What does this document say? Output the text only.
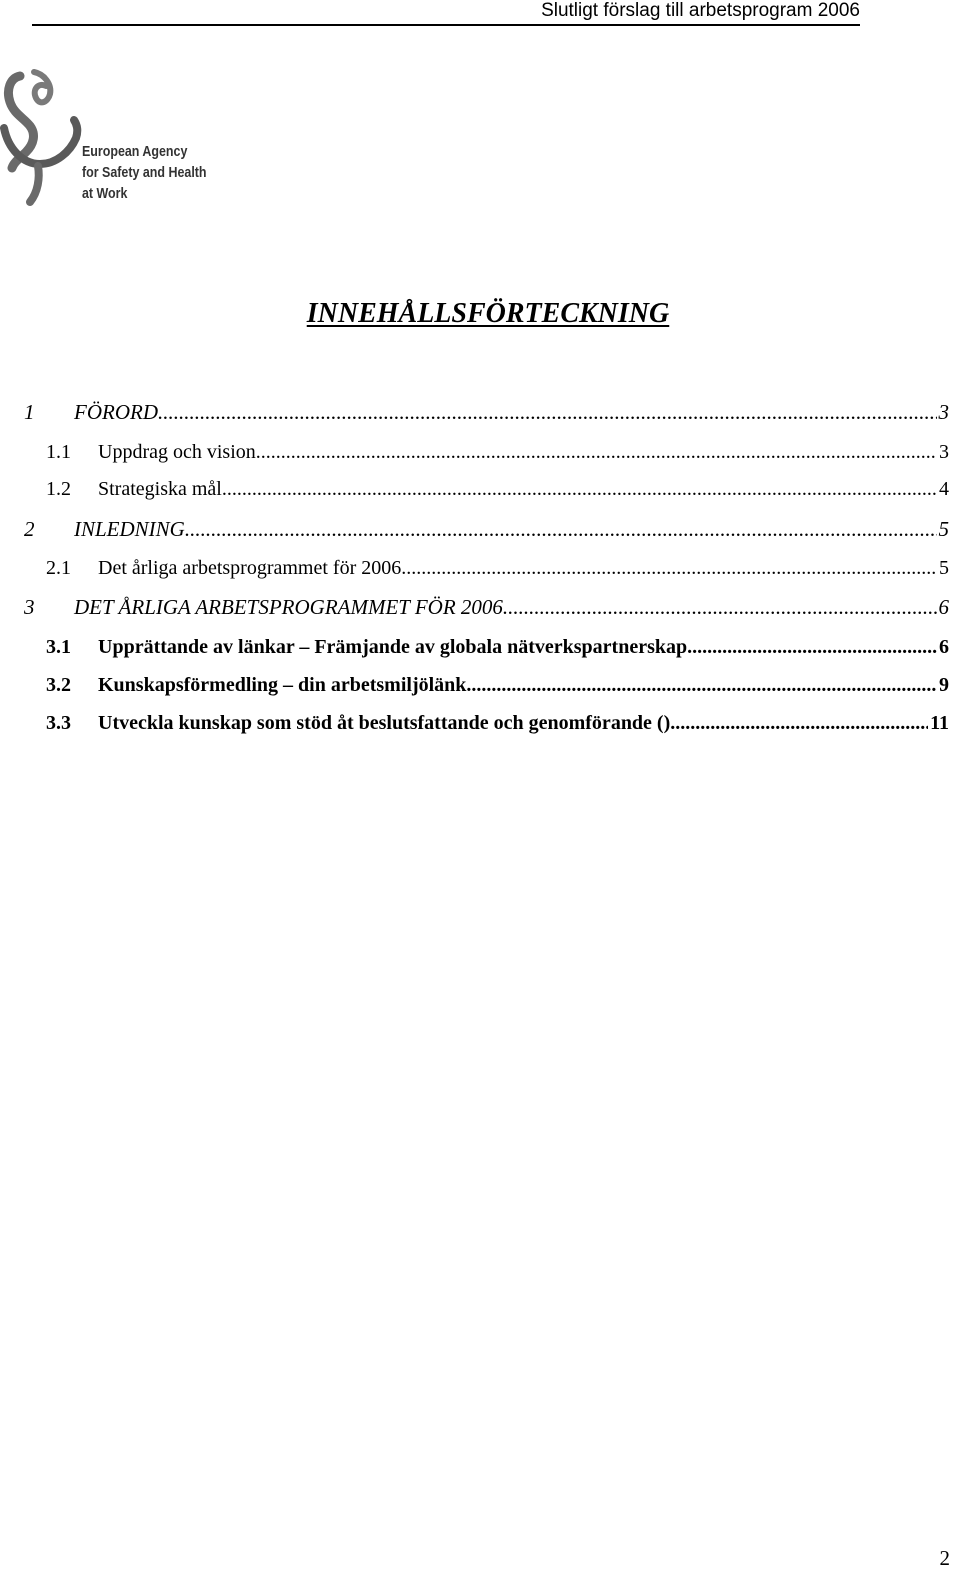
Slutligt förslag till arbetsprogram 2006
European Agency
for Safety and Health
at Work
INNEHÅLLSFÖRTECKNING
1 FÖRORD .....	3
1.1 Uppdrag och vision .....	3
1.2 Strategiska mål .....	4
2 INLEDNING .....	5
2.1 Det årliga arbetsprogrammet för 2006 .....	5
3 DET ÅRLIGA ARBETSPROGRAMMET FÖR 2006 .....	6
3.1 Upprättande av länkar – Främjande av globala nätverkspartnerskap .....	6
3.2 Kunskapsförmedling – din arbetsmiljölänk .....	9
3.3 Utveckla kunskap som stöd åt beslutsfattande och genomförande () .....	11
2
